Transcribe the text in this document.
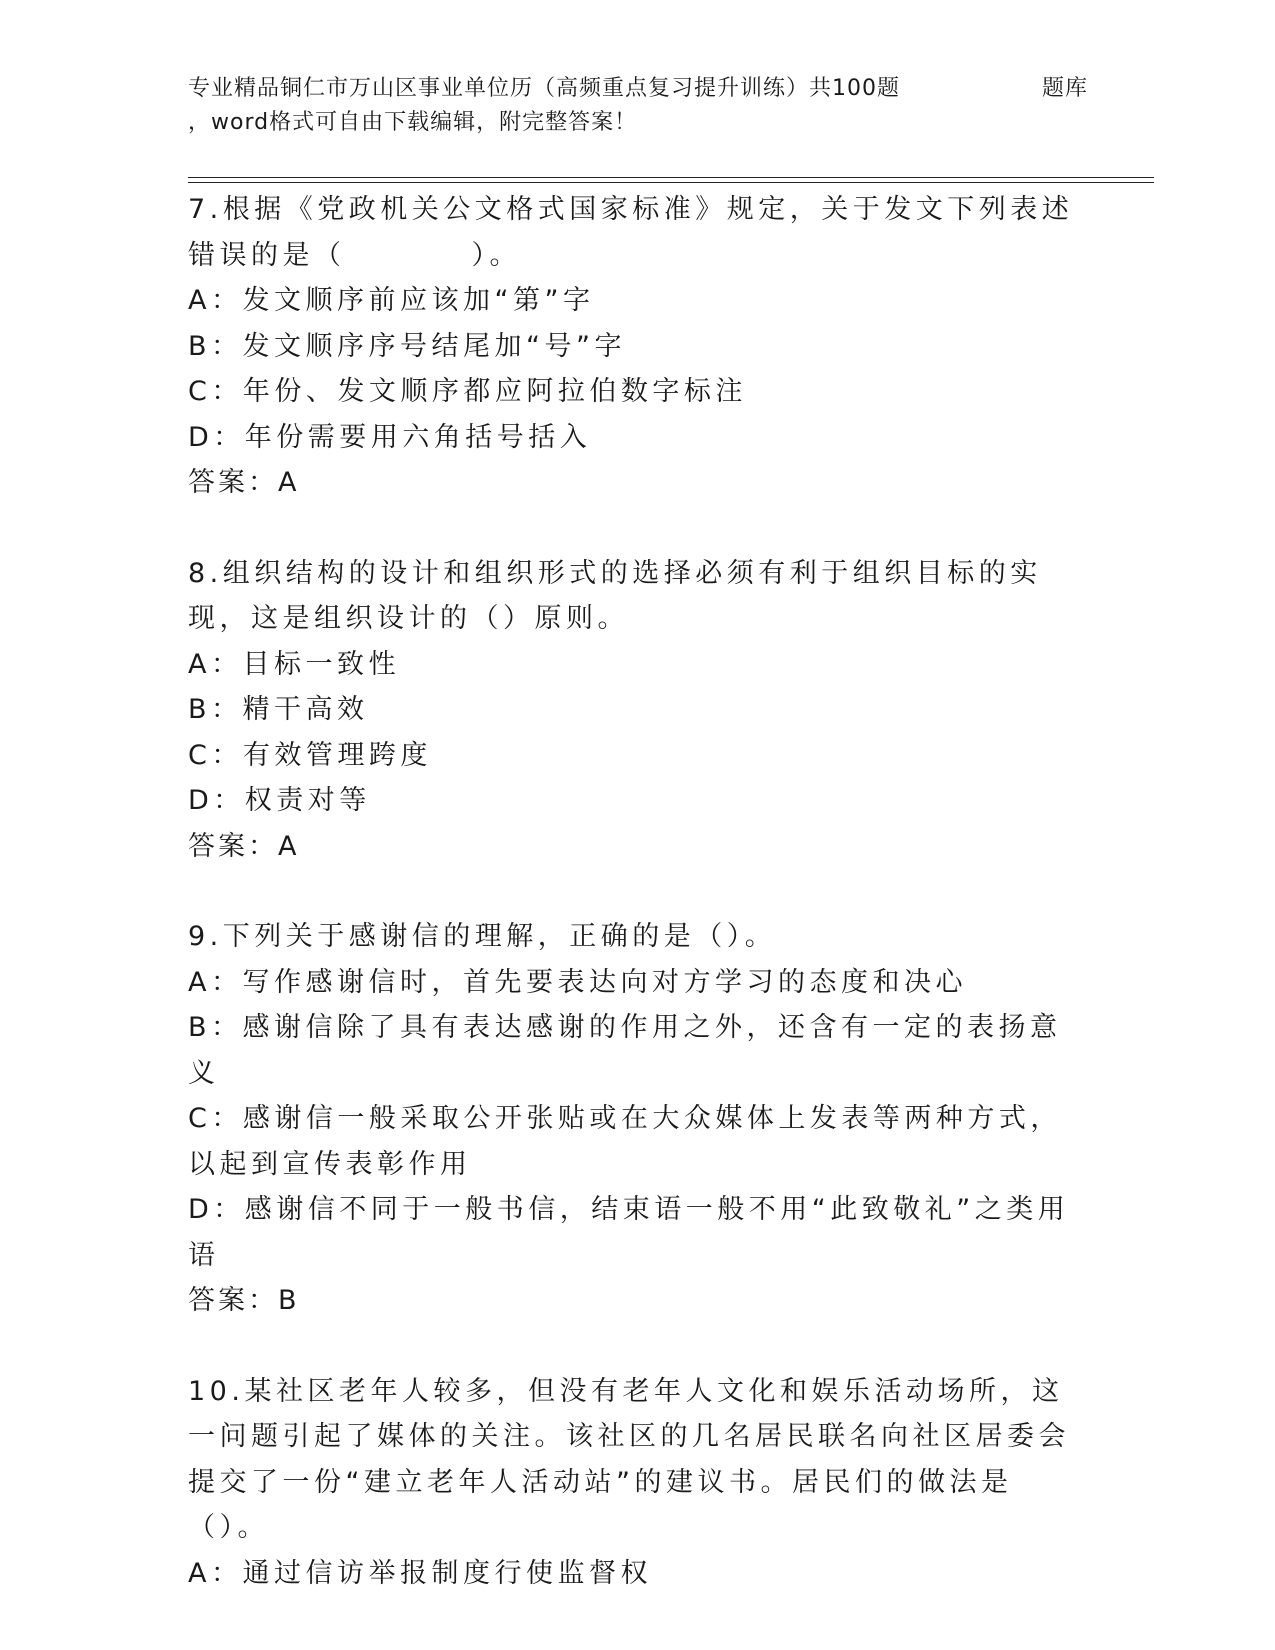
专业精品铜仁市万山区事业单位历（高频重点复习提升训练）共100题	题库
，word格式可自由下载编辑，附完整答案！

7.根据《党政机关公文格式国家标准》规定，关于发文下列表述错误的是（　　　　）。

A：发文顺序前应该加“第”字

B：发文顺序序号结尾加“号”字

C：年份、发文顺序都应阿拉伯数字标注

D：年份需要用六角括号括入

答案：A

8.组织结构的设计和组织形式的选择必须有利于组织目标的实现，这是组织设计的（）原则。

A：目标一致性

B：精干高效

C：有效管理跨度

D：权责对等

答案：A

9.下列关于感谢信的理解，正确的是（）。

A：写作感谢信时，首先要表达向对方学习的态度和决心

B：感谢信除了具有表达感谢的作用之外，还含有一定的表扬意义

C：感谢信一般采取公开张贴或在大众媒体上发表等两种方式，以起到宣传表彰作用

D：感谢信不同于一般书信，结束语一般不用“此致敬礼”之类用语

答案：B

10.某社区老年人较多，但没有老年人文化和娱乐活动场所，这一问题引起了媒体的关注。该社区的几名居民联名向社区居委会提交了一份“建立老年人活动站”的建议书。居民们的做法是（）。

A：通过信访举报制度行使监督权
